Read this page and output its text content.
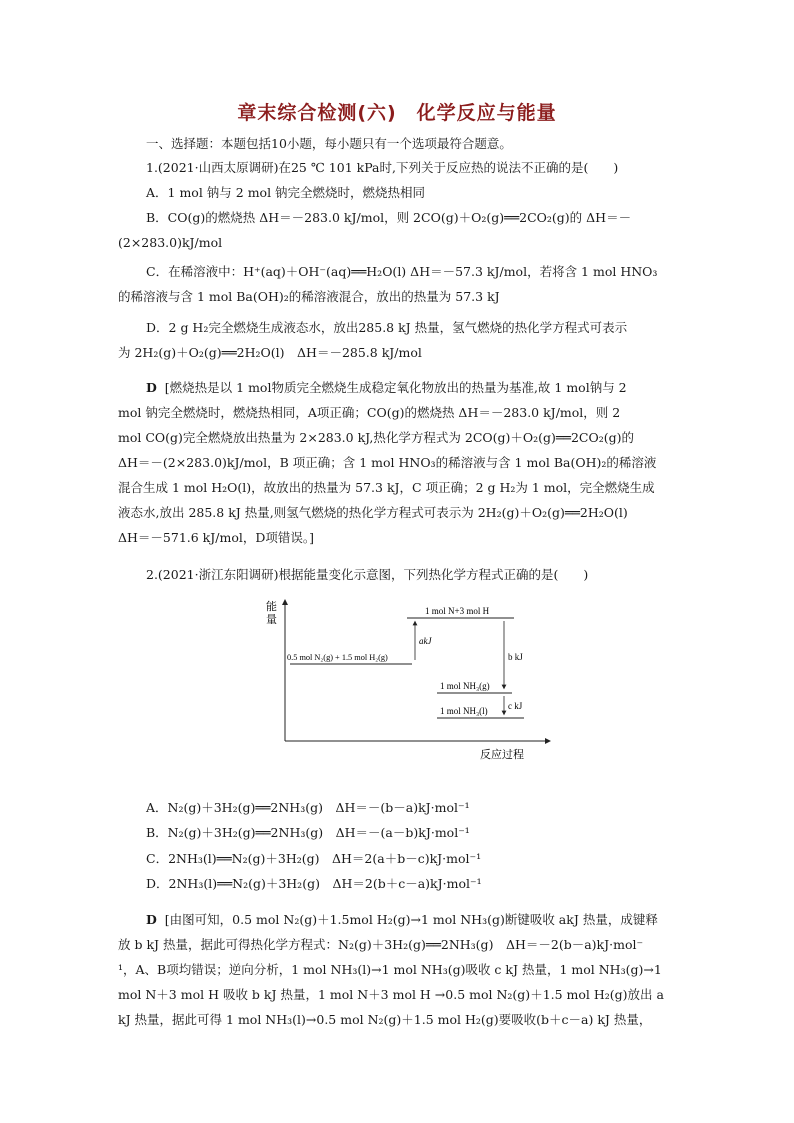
章末综合检测(六)　化学反应与能量
一、选择题：本题包括10小题，每小题只有一个选项最符合题意。
1.(2021·山西太原调研)在25 ℃ 101 kPa时,下列关于反应热的说法不正确的是(　　)
A．1 mol 钠与 2 mol 钠完全燃烧时，燃烧热相同
B．CO(g)的燃烧热 ΔH＝－283.0 kJ/mol，则 2CO(g)＋O₂(g)══2CO₂(g)的 ΔH＝－
(2×283.0)kJ/mol
C．在稀溶液中：H⁺(aq)＋OH⁻(aq)══H₂O(l) ΔH＝－57.3 kJ/mol，若将含 1 mol HNO₃
的稀溶液与含 1 mol Ba(OH)₂的稀溶液混合，放出的热量为 57.3 kJ
D．2 g H₂完全燃烧生成液态水，放出285.8 kJ 热量，氢气燃烧的热化学方程式可表示
为 2H₂(g)＋O₂(g)══2H₂O(l)　ΔH＝－285.8 kJ/mol
D [燃烧热是以 1 mol物质完全燃烧生成稳定氧化物放出的热量为基准,故 1 mol钠与 2
mol 钠完全燃烧时，燃烧热相同，A项正确；CO(g)的燃烧热 ΔH＝－283.0 kJ/mol，则 2
mol CO(g)完全燃烧放出热量为 2×283.0 kJ,热化学方程式为 2CO(g)＋O₂(g)══2CO₂(g)的
ΔH＝－(2×283.0)kJ/mol，B 项正确；含 1 mol HNO₃的稀溶液与含 1 mol Ba(OH)₂的稀溶液
混合生成 1 mol H₂O(l)，故放出的热量为 57.3 kJ，C 项正确；2 g H₂为 1 mol，完全燃烧生成
液态水,放出 285.8 kJ 热量,则氢气燃烧的热化学方程式可表示为 2H₂(g)＋O₂(g)══2H₂O(l)
ΔH＝－571.6 kJ/mol，D项错误。]
2.(2021·浙江东阳调研)根据能量变化示意图，下列热化学方程式正确的是(　　)
能
量
反应过程
1 mol N+3 mol H
0.5 mol N₂(g) + 1.5 mol H₂(g)
1 mol NH₃(g)
1 mol NH₃(l)
akJ
b kJ
c kJ
A．N₂(g)＋3H₂(g)══2NH₃(g)　ΔH＝－(b－a)kJ·mol⁻¹
B．N₂(g)＋3H₂(g)══2NH₃(g)　ΔH＝－(a－b)kJ·mol⁻¹
C．2NH₃(l)══N₂(g)＋3H₂(g)　ΔH＝2(a＋b－c)kJ·mol⁻¹
D．2NH₃(l)══N₂(g)＋3H₂(g)　ΔH＝2(b＋c－a)kJ·mol⁻¹
D [由图可知，0.5 mol N₂(g)＋1.5mol H₂(g)→1 mol NH₃(g)断键吸收 akJ 热量，成键释
放 b kJ 热量，据此可得热化学方程式：N₂(g)＋3H₂(g)══2NH₃(g)　ΔH＝－2(b－a)kJ·mol⁻
¹，A、B项均错误；逆向分析，1 mol NH₃(l)→1 mol NH₃(g)吸收 c kJ 热量，1 mol NH₃(g)→1
mol N＋3 mol H 吸收 b kJ 热量，1 mol N＋3 mol H →0.5 mol N₂(g)＋1.5 mol H₂(g)放出 a
kJ 热量，据此可得 1 mol NH₃(l)→0.5 mol N₂(g)＋1.5 mol H₂(g)要吸收(b＋c－a) kJ 热量，
